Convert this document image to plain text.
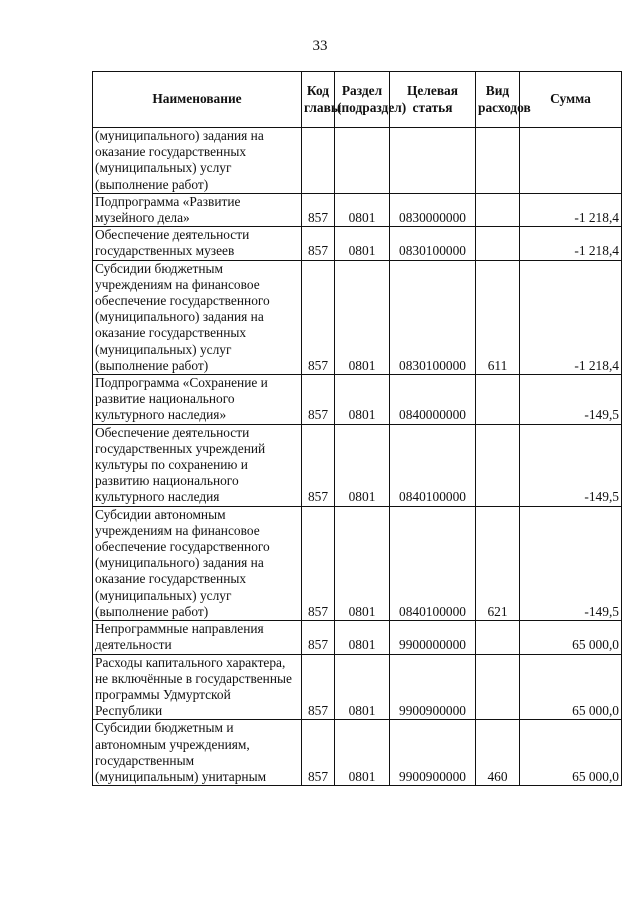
33
Наименование	Код главы	Раздел (подраздел)	Целевая статья	Вид расходов	Сумма
(муниципального) задания на оказание государственных (муниципальных) услуг (выполнение работ)					
Подпрограмма «Развитие музейного дела»	857	0801	0830000000		-1 218,4
Обеспечение деятельности государственных музеев	857	0801	0830100000		-1 218,4
Субсидии бюджетным учреждениям на финансовое обеспечение государственного (муниципального) задания на оказание государственных (муниципальных) услуг (выполнение работ)	857	0801	0830100000	611	-1 218,4
Подпрограмма «Сохранение и развитие национального культурного наследия»	857	0801	0840000000		-149,5
Обеспечение деятельности государственных учреждений культуры по сохранению и развитию национального культурного наследия	857	0801	0840100000		-149,5
Субсидии автономным учреждениям на финансовое обеспечение государственного (муниципального) задания на оказание государственных (муниципальных) услуг (выполнение работ)	857	0801	0840100000	621	-149,5
Непрограммные направления деятельности	857	0801	9900000000		65 000,0
Расходы капитального характера, не включённые в государственные программы Удмуртской Республики	857	0801	9900900000		65 000,0
Субсидии бюджетным и автономным учреждениям, государственным (муниципальным) унитарным	857	0801	9900900000	460	65 000,0
